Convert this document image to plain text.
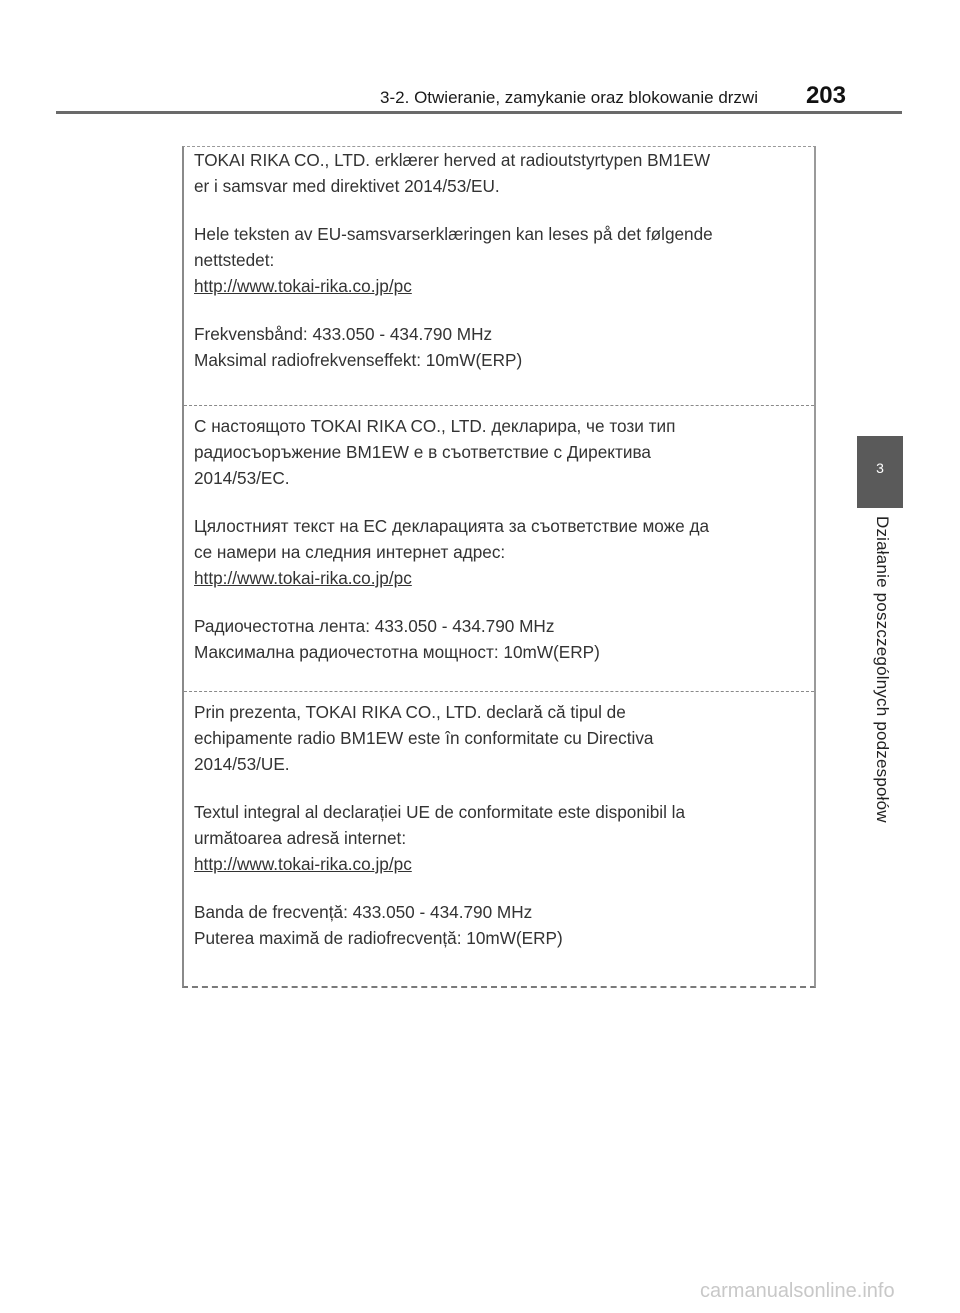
3-2. Otwieranie, zamykanie oraz blokowanie drzwi 203
3
Działanie poszczególnych podzespołów

TOKAI RIKA CO., LTD. erklærer herved at radioutstyrtypen BM1EW

er i samsvar med direktivet 2014/53/EU.

Hele teksten av EU-samsvarserklæringen kan leses på det følgende

nettstedet:

http://www.tokai-rika.co.jp/pc

Frekvensbånd: 433.050 - 434.790 MHz

Maksimal radiofrekvenseffekt: 10mW(ERP)

С настоящото TOKAI RIKA CO., LTD. декларира, че този тип

радиосъоръжение BM1EW е в съответствие с Директива

2014/53/ЕС.

Цялостният текст на ЕС декларацията за съответствие може да

се намери на следния интернет адрес:

http://www.tokai-rika.co.jp/pc

Радиочестотна лента: 433.050 - 434.790 MHz

Максимална радиочестотна мощност: 10mW(ERP)

Prin prezenta, TOKAI RIKA CO., LTD. declară că tipul de

echipamente radio BM1EW este în conformitate cu Directiva

2014/53/UE.

Textul integral al declarației UE de conformitate este disponibil la

următoarea adresă internet:

http://www.tokai-rika.co.jp/pc

Banda de frecvență: 433.050 - 434.790 MHz

Puterea maximă de radiofrecvență: 10mW(ERP)

carmanualsonline.info
